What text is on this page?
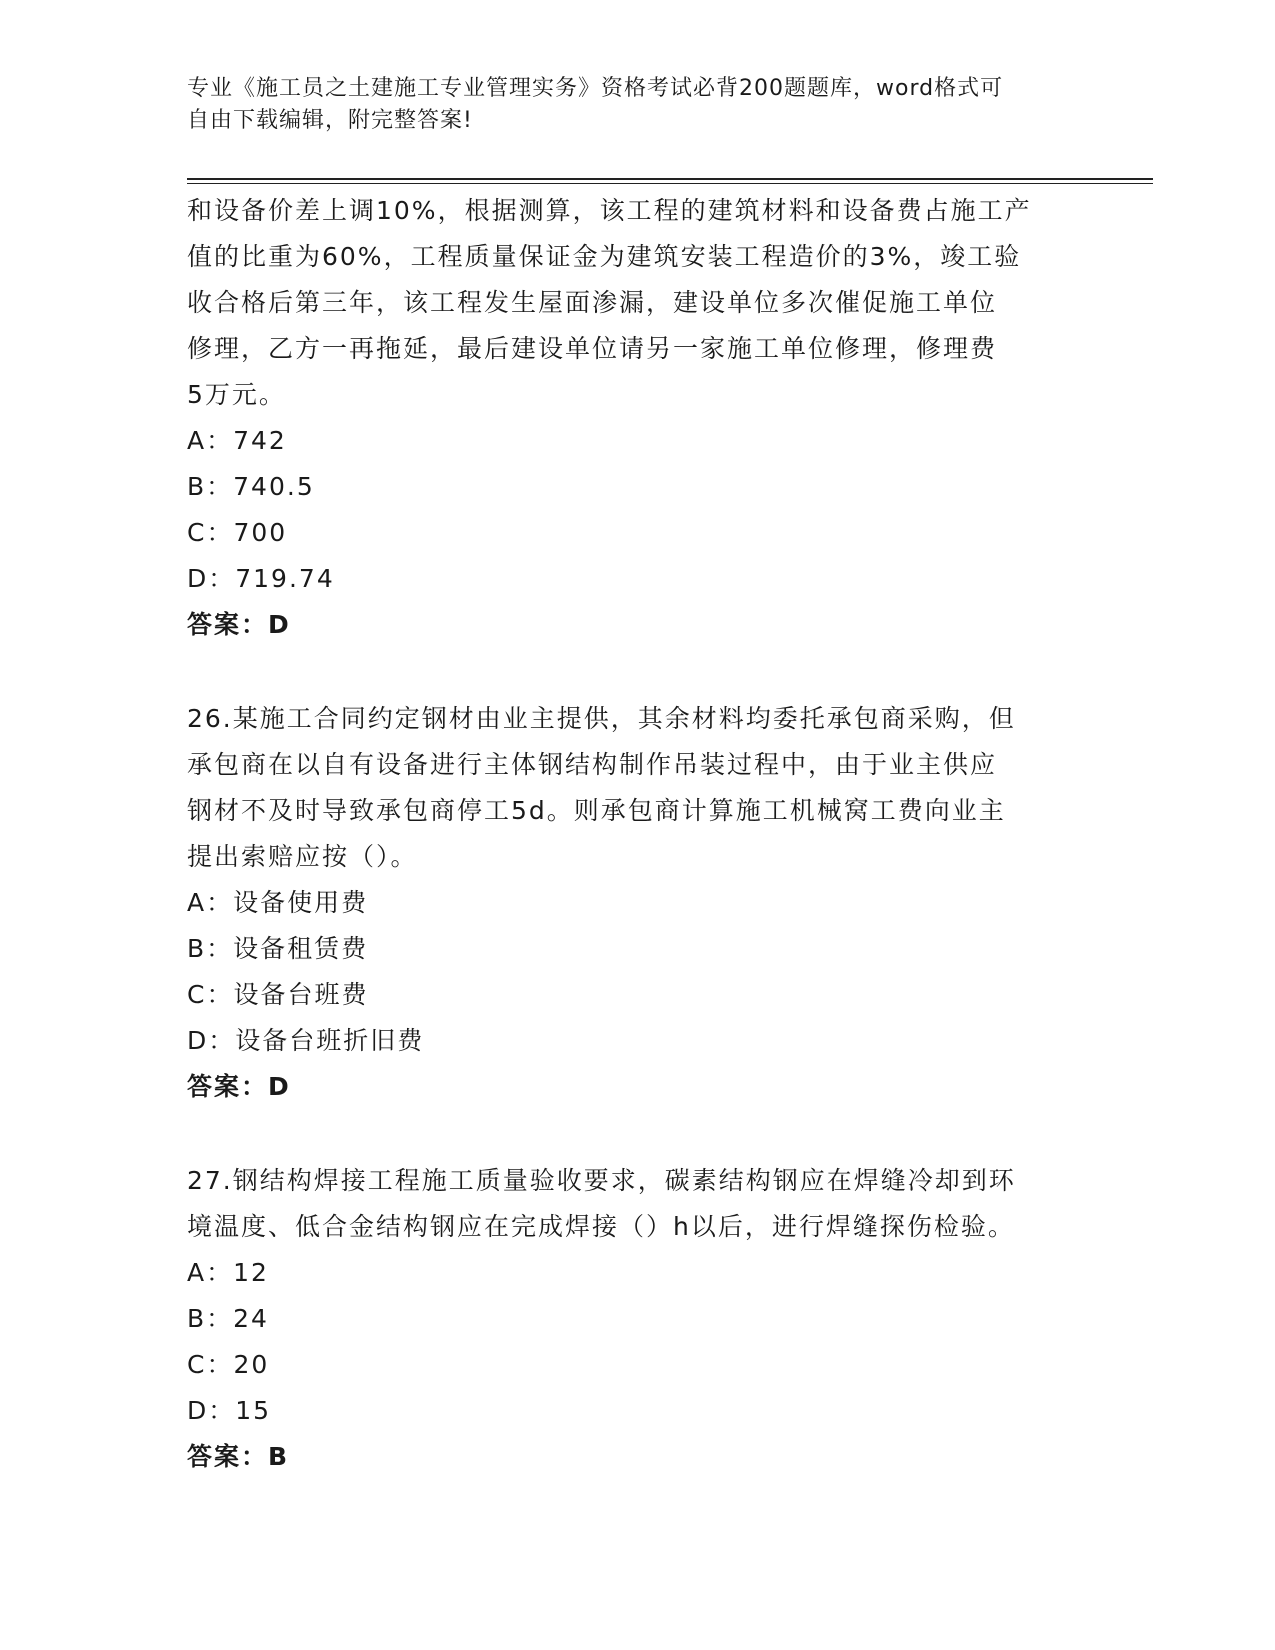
专业《施工员之土建施工专业管理实务》资格考试必背200题题库，word格式可
自由下载编辑，附完整答案!

和设备价差上调10%，根据测算，该工程的建筑材料和设备费占施工产

值的比重为60%，工程质量保证金为建筑安装工程造价的3%，竣工验

收合格后第三年，该工程发生屋面渗漏，建设单位多次催促施工单位

修理，乙方一再拖延，最后建设单位请另一家施工单位修理，修理费

5万元。

A：742

B：740.5

C：700

D：719.74

答案：D

26.某施工合同约定钢材由业主提供，其余材料均委托承包商采购，但

承包商在以自有设备进行主体钢结构制作吊装过程中，由于业主供应

钢材不及时导致承包商停工5d。则承包商计算施工机械窝工费向业主

提出索赔应按（）。

A：设备使用费

B：设备租赁费

C：设备台班费

D：设备台班折旧费

答案：D

27.钢结构焊接工程施工质量验收要求，碳素结构钢应在焊缝冷却到环

境温度、低合金结构钢应在完成焊接（）h以后，进行焊缝探伤检验。

A：12

B：24

C：20

D：15

答案：B
